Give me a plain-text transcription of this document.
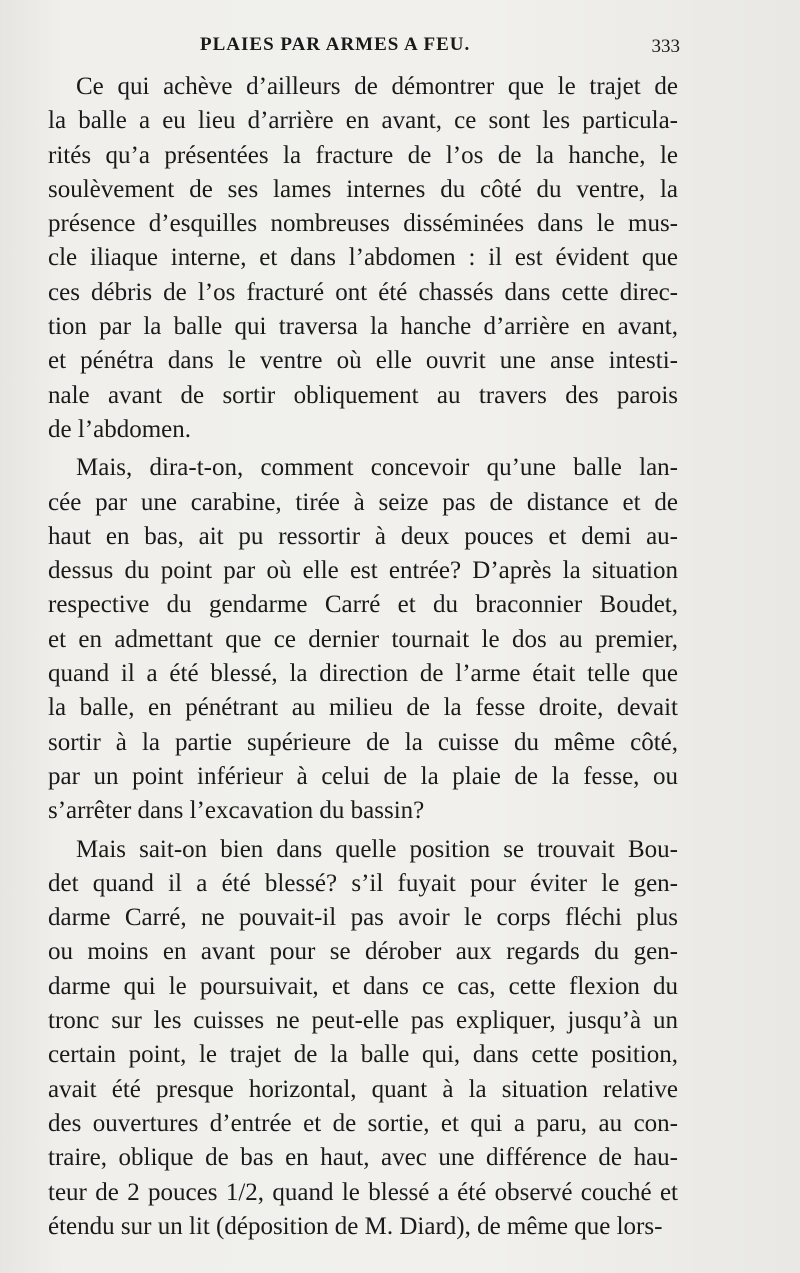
PLAIES PAR ARMES A FEU.	333
Ce qui achève d’ailleurs de démontrer que le trajet de
la balle a eu lieu d’arrière en avant, ce sont les particula-
rités qu’a présentées la fracture de l’os de la hanche, le
soulèvement de ses lames internes du côté du ventre, la
présence d’esquilles nombreuses disséminées dans le mus-
cle iliaque interne, et dans l’abdomen : il est évident que
ces débris de l’os fracturé ont été chassés dans cette direc-
tion par la balle qui traversa la hanche d’arrière en avant,
et pénétra dans le ventre où elle ouvrit une anse intesti-
nale avant de sortir obliquement au travers des parois
de l’abdomen.
Mais, dira-t-on, comment concevoir qu’une balle lan-
cée par une carabine, tirée à seize pas de distance et de
haut en bas, ait pu ressortir à deux pouces et demi au-
dessus du point par où elle est entrée? D’après la situation
respective du gendarme Carré et du braconnier Boudet,
et en admettant que ce dernier tournait le dos au premier,
quand il a été blessé, la direction de l’arme était telle que
la balle, en pénétrant au milieu de la fesse droite, devait
sortir à la partie supérieure de la cuisse du même côté,
par un point inférieur à celui de la plaie de la fesse, ou
s’arrêter dans l’excavation du bassin?
Mais sait-on bien dans quelle position se trouvait Bou-
det quand il a été blessé? s’il fuyait pour éviter le gen-
darme Carré, ne pouvait-il pas avoir le corps fléchi plus
ou moins en avant pour se dérober aux regards du gen-
darme qui le poursuivait, et dans ce cas, cette flexion du
tronc sur les cuisses ne peut-elle pas expliquer, jusqu’à un
certain point, le trajet de la balle qui, dans cette position,
avait été presque horizontal, quant à la situation relative
des ouvertures d’entrée et de sortie, et qui a paru, au con-
traire, oblique de bas en haut, avec une différence de hau-
teur de 2 pouces 1/2, quand le blessé a été observé couché et
étendu sur un lit (déposition de M. Diard), de même que lors-
